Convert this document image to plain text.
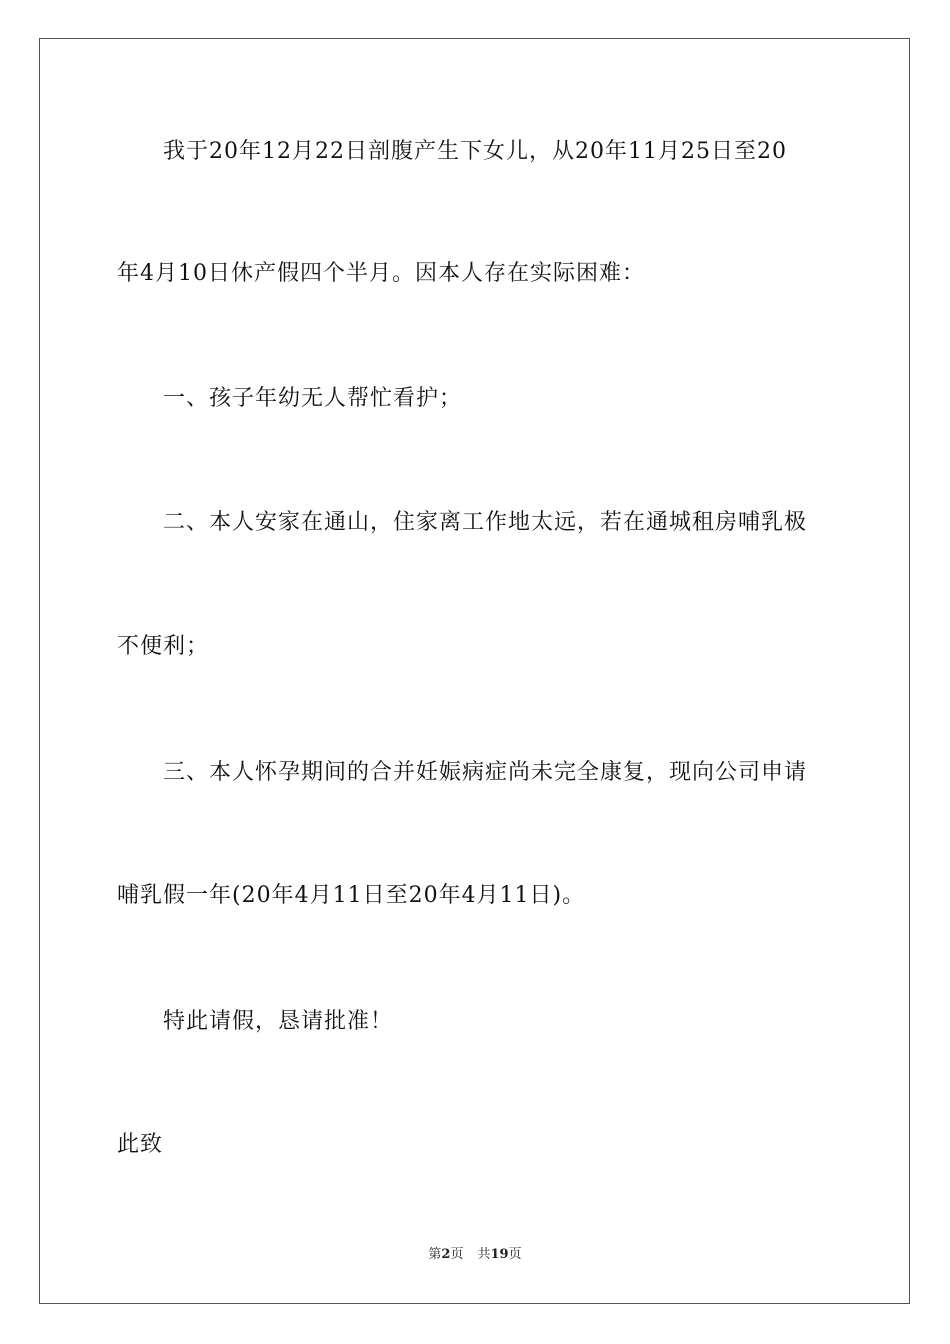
我于20年12月22日剖腹产生下女儿，从20年11月25日至20
年4月10日休产假四个半月。因本人存在实际困难：
一、孩子年幼无人帮忙看护；
二、本人安家在通山，住家离工作地太远，若在通城租房哺乳极
不便利；
三、本人怀孕期间的合并妊娠病症尚未完全康复，现向公司申请
哺乳假一年(20年4月11日至20年4月11日)。
特此请假，恳请批准！
此致
第2页 共19页
